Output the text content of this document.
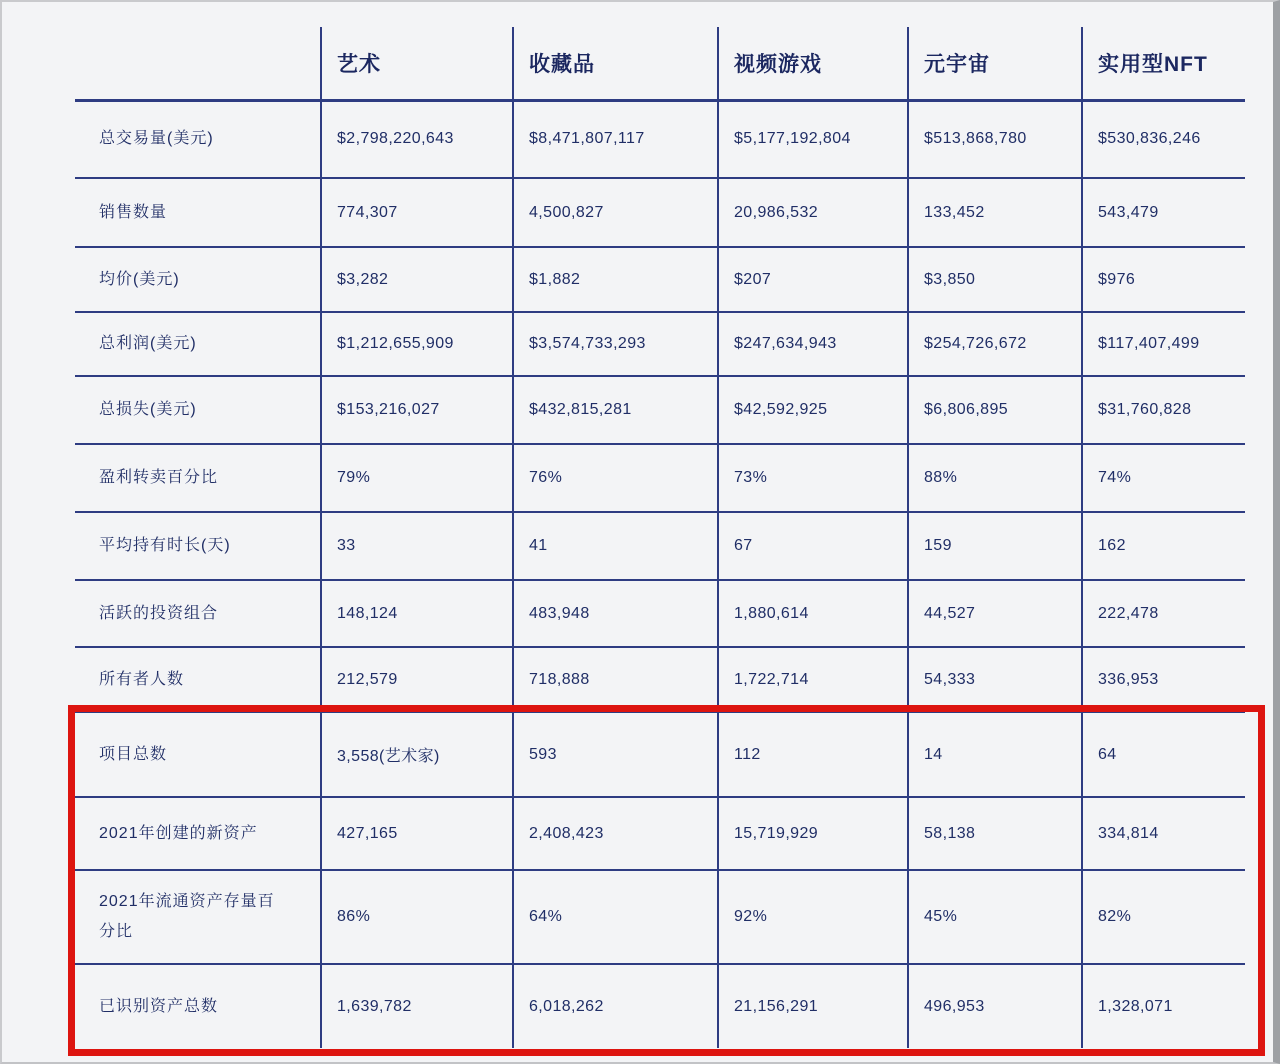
	艺术	收藏品	视频游戏	元宇宙	实用型NFT
总交易量(美元)	$2,798,220,643	$8,471,807,117	$5,177,192,804	$513,868,780	$530,836,246
销售数量	774,307	4,500,827	20,986,532	133,452	543,479
均价(美元)	$3,282	$1,882	$207	$3,850	$976
总利润(美元)	$1,212,655,909	$3,574,733,293	$247,634,943	$254,726,672	$117,407,499
总损失(美元)	$153,216,027	$432,815,281	$42,592,925	$6,806,895	$31,760,828
盈利转卖百分比	79%	76%	73%	88%	74%
平均持有时长(天)	33	41	67	159	162
活跃的投资组合	148,124	483,948	1,880,614	44,527	222,478
所有者人数	212,579	718,888	1,722,714	54,333	336,953
项目总数	3,558(艺术家)	593	112	14	64
2021年创建的新资产	427,165	2,408,423	15,719,929	58,138	334,814
2021年流通资产存量百分比	86%	64%	92%	45%	82%
已识别资产总数	1,639,782	6,018,262	21,156,291	496,953	1,328,071
